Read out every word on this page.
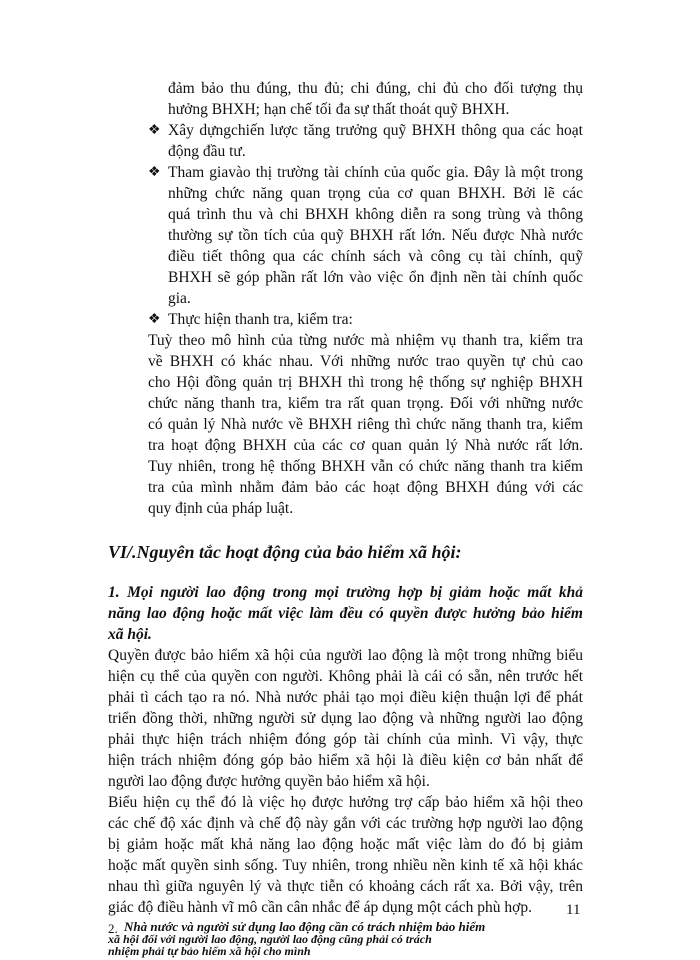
đảm bảo thu đúng, thu đủ; chi đúng, chi đủ cho đối tượng thụ
hưởng BHXH; hạn chế tối đa sự thất thoát quỹ BHXH.
❖ Xây dựngchiến lược tăng trưởng quỹ BHXH thông qua các hoạt
động đầu tư.
❖ Tham giavào thị trường tài chính của quốc gia. Đây là một trong
những chức năng quan trọng của cơ quan BHXH. Bởi lẽ các
quá trình thu và chi BHXH không diễn ra song trùng và thông
thường sự tồn tích của quỹ BHXH rất lớn. Nếu được Nhà nước
điều tiết thông qua các chính sách và công cụ tài chính, quỹ
BHXH sẽ góp phần rất lớn vào việc ổn định nền tài chính quốc
gia.
❖ Thực hiện thanh tra, kiểm tra:
Tuỳ theo mô hình của từng nước mà nhiệm vụ thanh tra, kiểm tra
về BHXH có khác nhau. Với những nước trao quyền tự chủ cao
cho Hội đồng quản trị BHXH thì trong hệ thống sự nghiệp BHXH
chức năng thanh tra, kiểm tra rất quan trọng. Đối với những nước
có quản lý Nhà nước về BHXH riêng thì chức năng thanh tra, kiểm
tra hoạt động BHXH của các cơ quan quản lý Nhà nước rất lớn.
Tuy nhiên, trong hệ thống BHXH vẫn có chức năng thanh tra kiểm
tra của mình nhằm đảm bảo các hoạt động BHXH đúng với các
quy định của pháp luật.
VI/.Nguyên tắc hoạt động của bảo hiểm xã hội:
1. Mọi người lao động trong mọi trường hợp bị giảm hoặc mất khả
năng lao động hoặc mất việc làm đều có quyền được hưởng bảo hiểm
xã hội.
Quyền được bảo hiểm xã hội của người lao động là một trong những biểu
hiện cụ thể của quyền con người. Không phải là cái có sẵn, nên trước hết
phải tì cách tạo ra nó. Nhà nước phải tạo mọi điều kiện thuận lợi để phát
triển đồng thời, những người sử dụng lao động và những người lao động
phải thực hiện trách nhiệm đóng góp tài chính của mình. Vì vậy, thực
hiện trách nhiệm đóng góp bảo hiểm xã hội là điều kiện cơ bản nhất để
người lao động được hưởng quyền bảo hiểm xã hội.
Biểu hiện cụ thể đó là việc họ được hưởng trợ cấp bảo hiểm xã hội theo
các chế độ xác định và chế độ này gắn với các trường hợp người lao động
bị giảm hoặc mất khả năng lao động hoặc mất việc làm do đó bị giảm
hoặc mất quyền sinh sống. Tuy nhiên, trong nhiều nền kinh tế xã hội khác
nhau thì giữa nguyên lý và thực tiễn có khoảng cách rất xa. Bởi vậy, trên
giác độ điều hành vĩ mô cần cân nhắc để áp dụng một cách phù hợp.
2. Nhà nước và người sử dụng lao động cần có trách nhiệm bảo hiểm
xã hội đối với người lao động, người lao động cũng phải có trách
nhiệm phải tự bảo hiểm xã hội cho mình
11
